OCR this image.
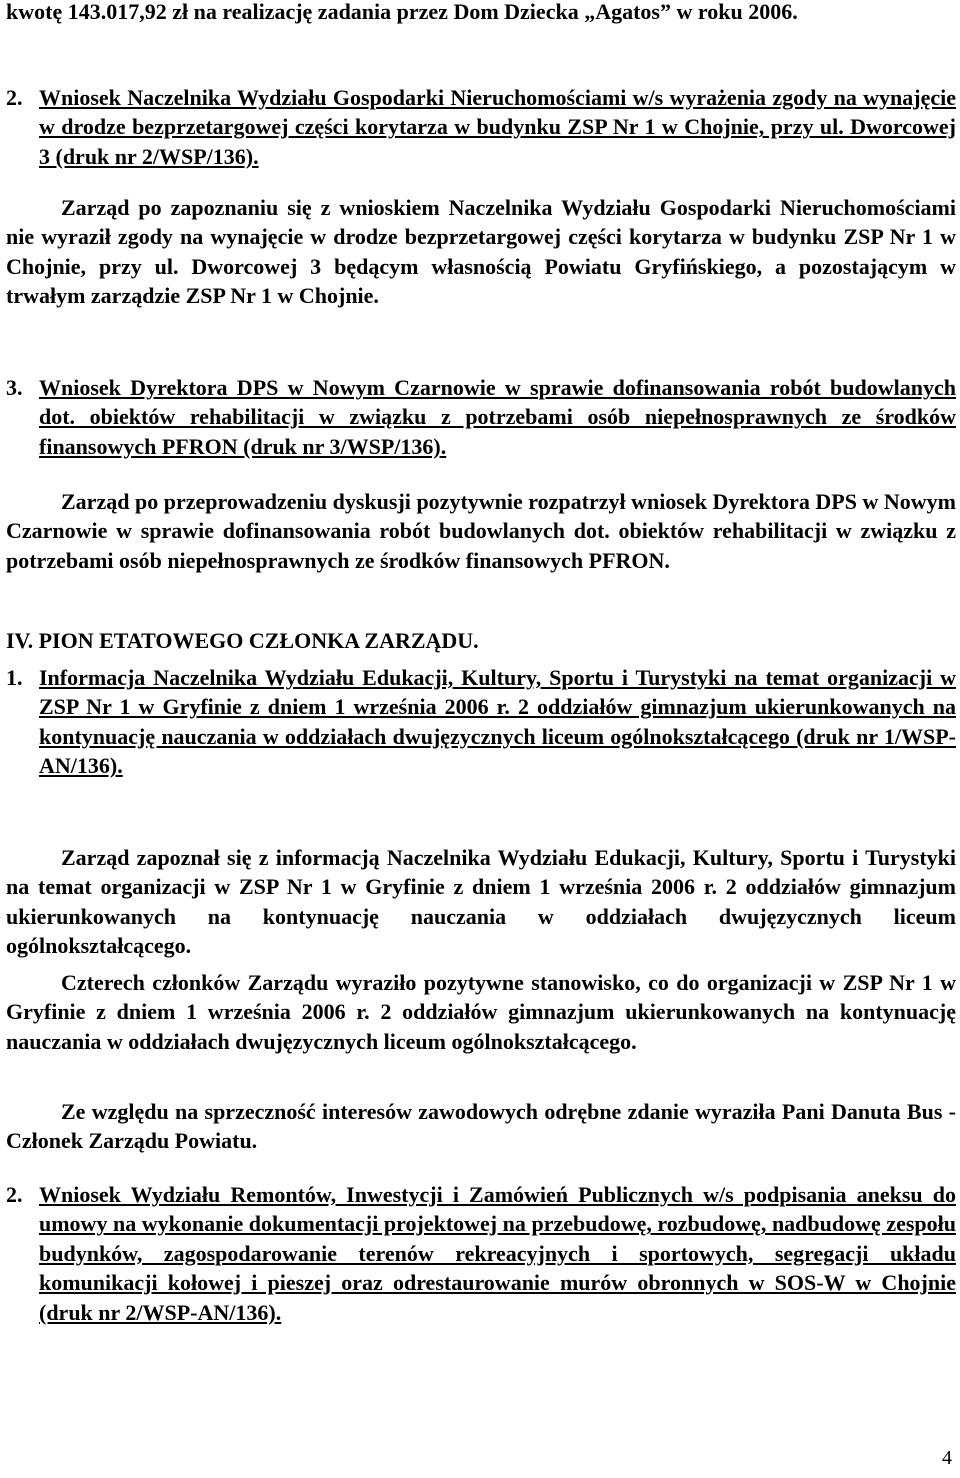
kwotę 143.017,92 zł na realizację zadania przez Dom Dziecka „Agatos” w roku 2006.

2. Wniosek Naczelnika Wydziału Gospodarki Nieruchomościami w/s wyrażenia zgody na wynajęcie w drodze bezprzetargowej części korytarza w budynku ZSP Nr 1 w Chojnie, przy ul. Dworcowej 3 (druk nr 2/WSP/136).

Zarząd po zapoznaniu się z wnioskiem Naczelnika Wydziału Gospodarki Nieruchomościami nie wyraził zgody na wynajęcie w drodze bezprzetargowej części korytarza w budynku ZSP Nr 1 w Chojnie, przy ul. Dworcowej 3 będącym własnością Powiatu Gryfińskiego, a pozostającym w trwałym zarządzie ZSP Nr 1 w Chojnie.

3. Wniosek Dyrektora DPS w Nowym Czarnowie w sprawie dofinansowania robót budowlanych dot. obiektów rehabilitacji w związku z potrzebami osób niepełnosprawnych ze środków finansowych PFRON (druk nr 3/WSP/136).

Zarząd po przeprowadzeniu dyskusji pozytywnie rozpatrzył wniosek Dyrektora DPS w Nowym Czarnowie w sprawie dofinansowania robót budowlanych dot. obiektów rehabilitacji w związku z potrzebami osób niepełnosprawnych ze środków finansowych PFRON.

IV. PION ETATOWEGO CZŁONKA ZARZĄDU.

1. Informacja Naczelnika Wydziału Edukacji, Kultury, Sportu i Turystyki na temat organizacji w ZSP Nr 1 w Gryfinie z dniem 1 września 2006 r. 2 oddziałów gimnazjum ukierunkowanych na kontynuację nauczania w oddziałach dwujęzycznych liceum ogólnokształcącego (druk nr 1/WSP-AN/136).

Zarząd zapoznał się z informacją Naczelnika Wydziału Edukacji, Kultury, Sportu i Turystyki na temat organizacji w ZSP Nr 1 w Gryfinie z dniem 1 września 2006 r. 2 oddziałów gimnazjum ukierunkowanych na kontynuację nauczania w oddziałach dwujęzycznych liceum ogólnokształcącego.

Czterech członków Zarządu wyraziło pozytywne stanowisko, co do organizacji w ZSP Nr 1 w Gryfinie z dniem 1 września 2006 r. 2 oddziałów gimnazjum ukierunkowanych na kontynuację nauczania w oddziałach dwujęzycznych liceum ogólnokształcącego.

Ze względu na sprzeczność interesów zawodowych odrębne zdanie wyraziła Pani Danuta Bus - Członek Zarządu Powiatu.

2. Wniosek Wydziału Remontów, Inwestycji i Zamówień Publicznych w/s podpisania aneksu do umowy na wykonanie dokumentacji projektowej na przebudowę, rozbudowę, nadbudowę zespołu budynków, zagospodarowanie terenów rekreacyjnych i sportowych, segregacji układu komunikacji kołowej i pieszej oraz odrestaurowanie murów obronnych w SOS-W w Chojnie (druk nr 2/WSP-AN/136).
4
